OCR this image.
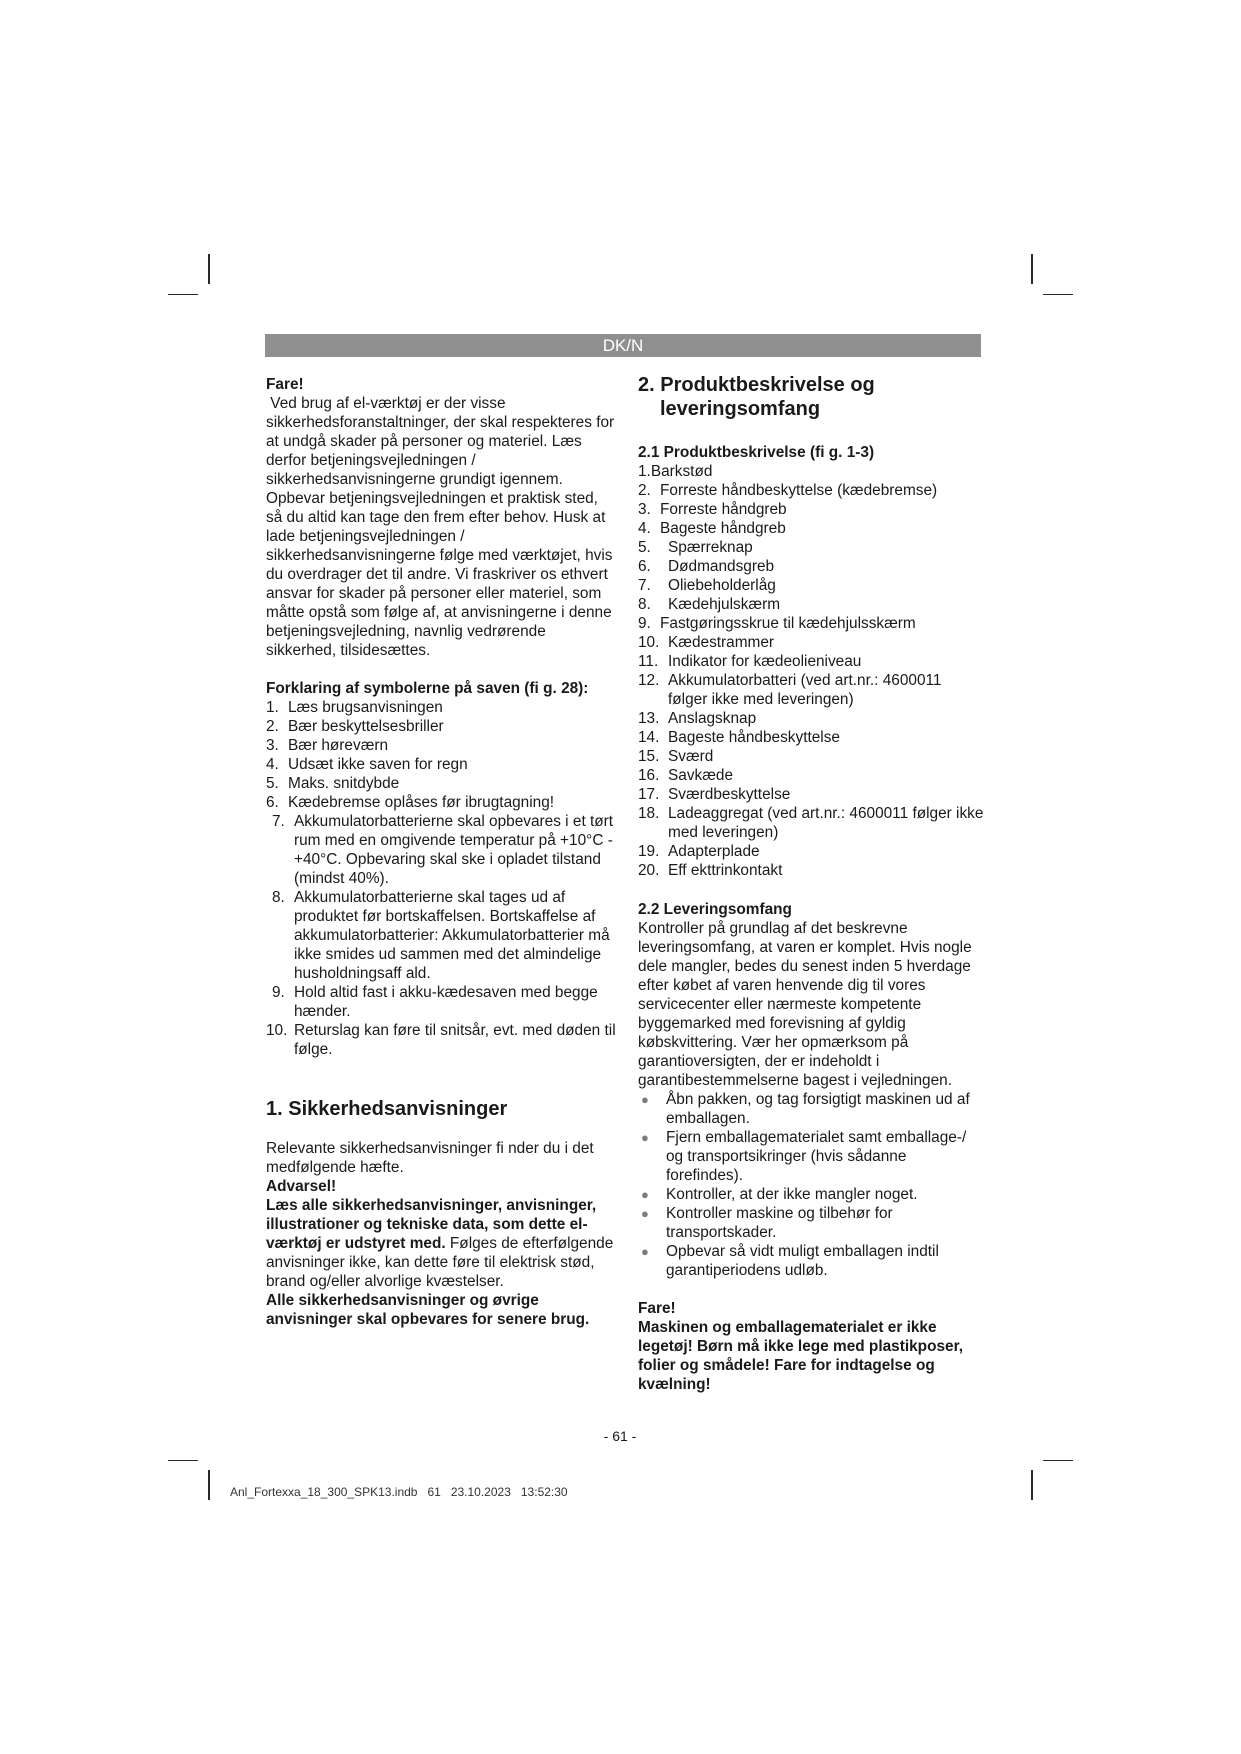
DK/N

Fare!

Ved brug af el-værktøj er der visse sikkerhedsforanstaltninger, der skal respekteres for at undgå skader på personer og materiel. Læs derfor betjeningsvejledningen / sikkerhedsanvisningerne grundigt igennem. Opbevar betjeningsvejledningen et praktisk sted, så du altid kan tage den frem efter behov. Husk at lade betjeningsvejledningen / sikkerhedsanvisningerne følge med værktøjet, hvis du overdrager det til andre. Vi fraskriver os ethvert ansvar for skader på personer eller materiel, som måtte opstå som følge af, at anvisningerne i denne betjeningsvejledning, navnlig vedrørende sikkerhed, tilsidesættes.

Forklaring af symbolerne på saven (fi g. 28):

1. Læs brugsanvisningen
2. Bær beskyttelsesbriller
3. Bær høreværn
4. Udsæt ikke saven for regn
5. Maks. snitdybde
6. Kædebremse oplåses før ibrugtagning!
7. Akkumulatorbatterierne skal opbevares i et tørt rum med en omgivende temperatur på +10°C - +40°C. Opbevaring skal ske i opladet tilstand (mindst 40%).
8. Akkumulatorbatterierne skal tages ud af produktet før bortskaffelsen. Bortskaffelse af akkumulatorbatterier: Akkumulatorbatterier må ikke smides ud sammen med det almindelige husholdningsaff ald.
9. Hold altid fast i akku-kædesaven med begge hænder.
10. Returslag kan føre til snitsår, evt. med døden til følge.

1. Sikkerhedsanvisninger

Relevante sikkerhedsanvisninger fi nder du i det medfølgende hæfte.

Advarsel!

Læs alle sikkerhedsanvisninger, anvisninger, illustrationer og tekniske data, som dette el-værktøj er udstyret med. Følges de efterfølgende anvisninger ikke, kan dette føre til elektrisk stød, brand og/eller alvorlige kvæstelser.

Alle sikkerhedsanvisninger og øvrige anvisninger skal opbevares for senere brug.

2. Produktbeskrivelse og leveringsomfang

2.1 Produktbeskrivelse (fi g. 1-3)

1.Barkstød
2. Forreste håndbeskyttelse (kædebremse)
3. Forreste håndgreb
4. Bageste håndgreb
5. Spærreknap
6. Dødmandsgreb
7. Oliebeholderlåg
8. Kædehjulskærm
9. Fastgøringsskrue til kædehjulsskærm
10. Kædestrammer
11. Indikator for kædeolieniveau
12. Akkumulatorbatteri (ved art.nr.: 4600011 følger ikke med leveringen)
13. Anslagsknap
14. Bageste håndbeskyttelse
15. Sværd
16. Savkæde
17. Sværdbeskyttelse
18. Ladeaggregat (ved art.nr.: 4600011 følger ikke med leveringen)
19. Adapterplade
20. Eff ekttrinkontakt

2.2 Leveringsomfang

Kontroller på grundlag af det beskrevne leveringsomfang, at varen er komplet. Hvis nogle dele mangler, bedes du senest inden 5 hverdage efter købet af varen henvende dig til vores servicecenter eller nærmeste kompetente byggemarked med forevisning af gyldig købskvittering. Vær her opmærksom på garantioversigten, der er indeholdt i garantibestemmelserne bagest i vejledningen.

● Åbn pakken, og tag forsigtigt maskinen ud af emballagen.
● Fjern emballagematerialet samt emballage-/ og transportsikringer (hvis sådanne forefindes).
● Kontroller, at der ikke mangler noget.
● Kontroller maskine og tilbehør for transportskader.
● Opbevar så vidt muligt emballagen indtil garantiperiodens udløb.

Fare!

Maskinen og emballagematerialet er ikke legetøj! Børn må ikke lege med plastikposer, folier og smådele! Fare for indtagelse og kvælning!

- 61 -
Anl_Fortexxa_18_300_SPK13.indb   61   23.10.2023   13:52:30
